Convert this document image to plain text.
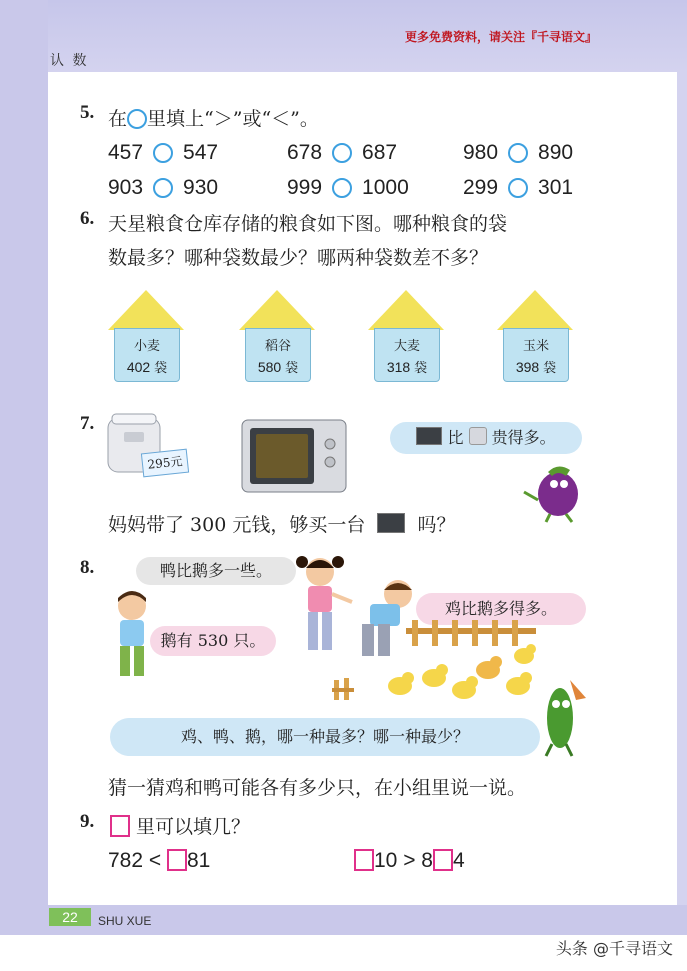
更多免费资料，请关注『千寻语文』
认 数
5. 在 里填上“＞”或“＜”。
457 547	678 687	980 890
903 930	999 1000	299 301
6. 天星粮食仓库存储的粮食如下图。哪种粮食的袋
数最多？哪种袋数最少？哪两种袋数差不多？
小麦
402 袋
稻谷
580 袋
大麦
318 袋
玉米
398 袋
7.
295元
比 贵得多。
妈妈带了 300 元钱，够买一台	吗？
8.	鸭比鹅多一些。
鹅有 530 只。
鸡比鹅多得多。
鸡、鸭、鹅，哪一种最多？哪一种最少？
猜一猜鸡和鸭可能各有多少只，在小组里说一说。
9.	里可以填几？
782 < 81	10 > 8 4
22	SHU XUE
头条 @千寻语文
